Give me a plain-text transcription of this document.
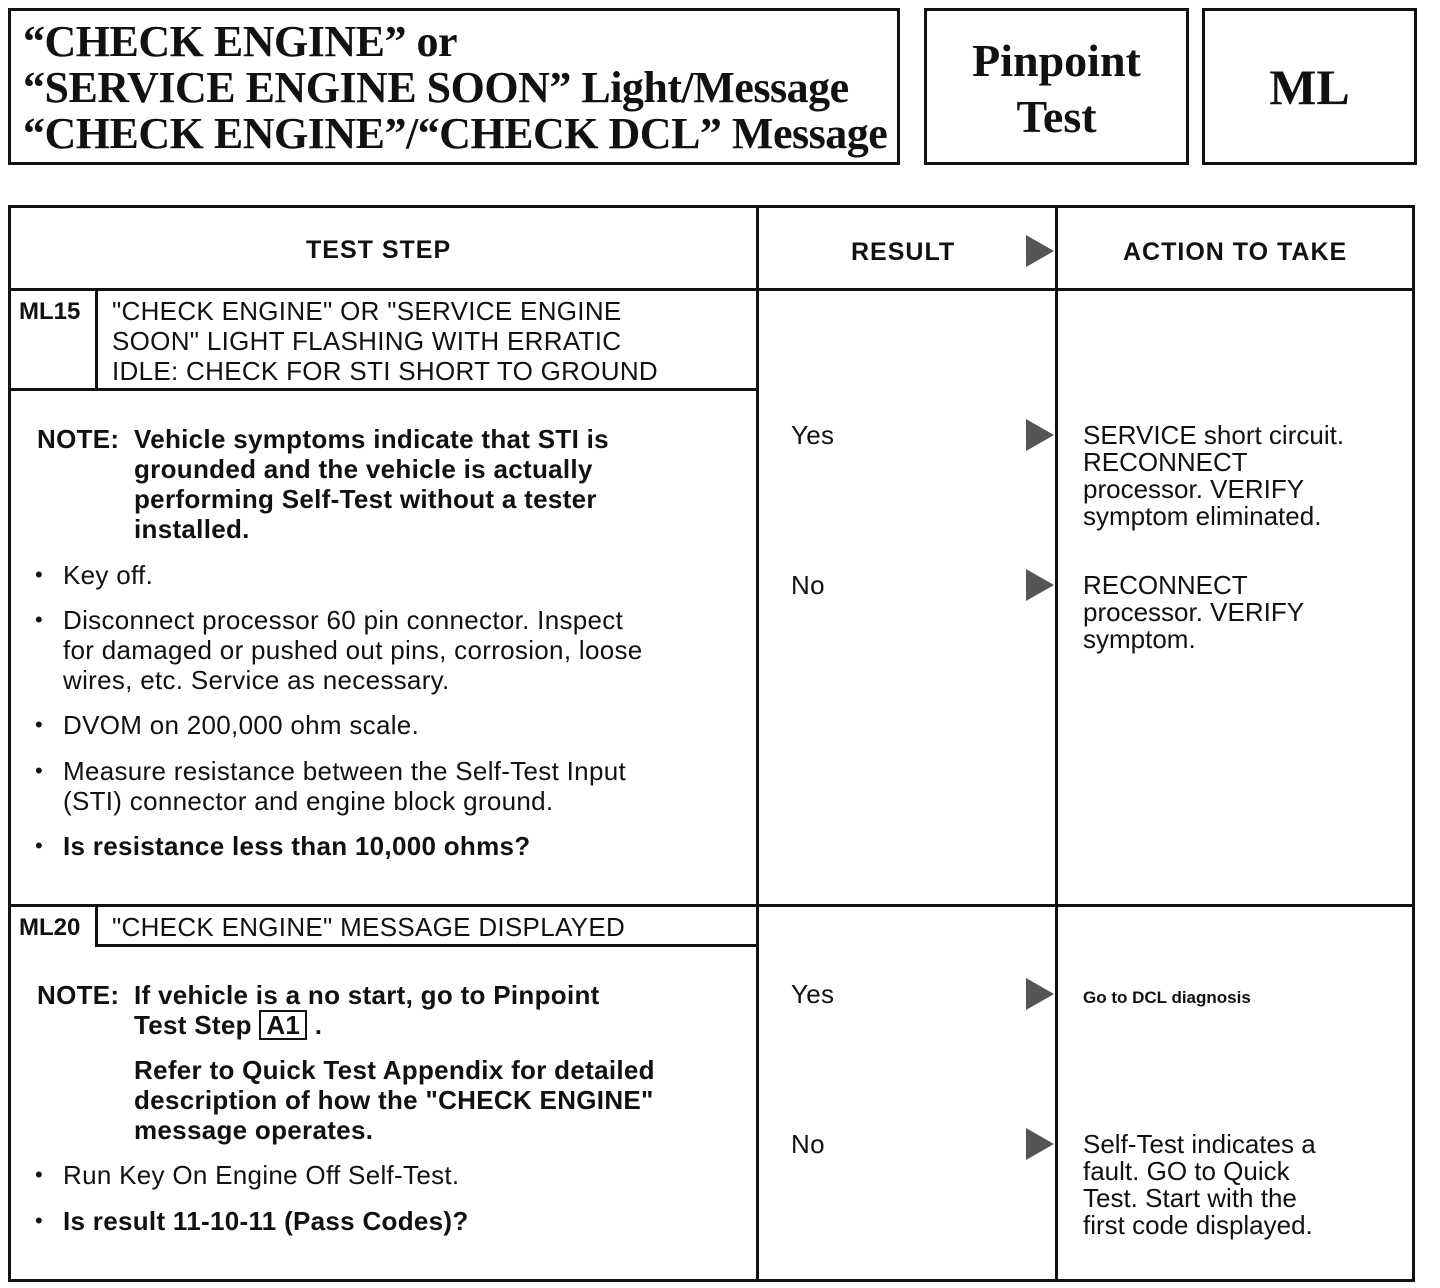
“CHECK ENGINE” or
“SERVICE ENGINE SOON” Light/Message
“CHECK ENGINE”/“CHECK DCL” Message
Pinpoint
Test
ML
TEST STEP	RESULT	ACTION TO TAKE
ML15 "CHECK ENGINE" OR "SERVICE ENGINE
SOON" LIGHT FLASHING WITH ERRATIC
IDLE: CHECK FOR STI SHORT TO GROUND
NOTE: Vehicle symptoms indicate that STI is
grounded and the vehicle is actually
performing Self-Test without a tester
installed.
• Key off.
• Disconnect processor 60 pin connector. Inspect
for damaged or pushed out pins, corrosion, loose
wires, etc. Service as necessary.
• DVOM on 200,000 ohm scale.
• Measure resistance between the Self-Test Input
(STI) connector and engine block ground.
• Is resistance less than 10,000 ohms?
Yes	SERVICE short circuit.
RECONNECT
processor. VERIFY
symptom eliminated.
No	RECONNECT
processor. VERIFY
symptom.
ML20 "CHECK ENGINE" MESSAGE DISPLAYED
NOTE: If vehicle is a no start, go to Pinpoint
Test Step A1 .
Refer to Quick Test Appendix for detailed
description of how the "CHECK ENGINE"
message operates.
• Run Key On Engine Off Self-Test.
• Is result 11-10-11 (Pass Codes)?
Yes	Go to DCL diagnosis
No	Self-Test indicates a
fault. GO to Quick
Test. Start with the
first code displayed.
